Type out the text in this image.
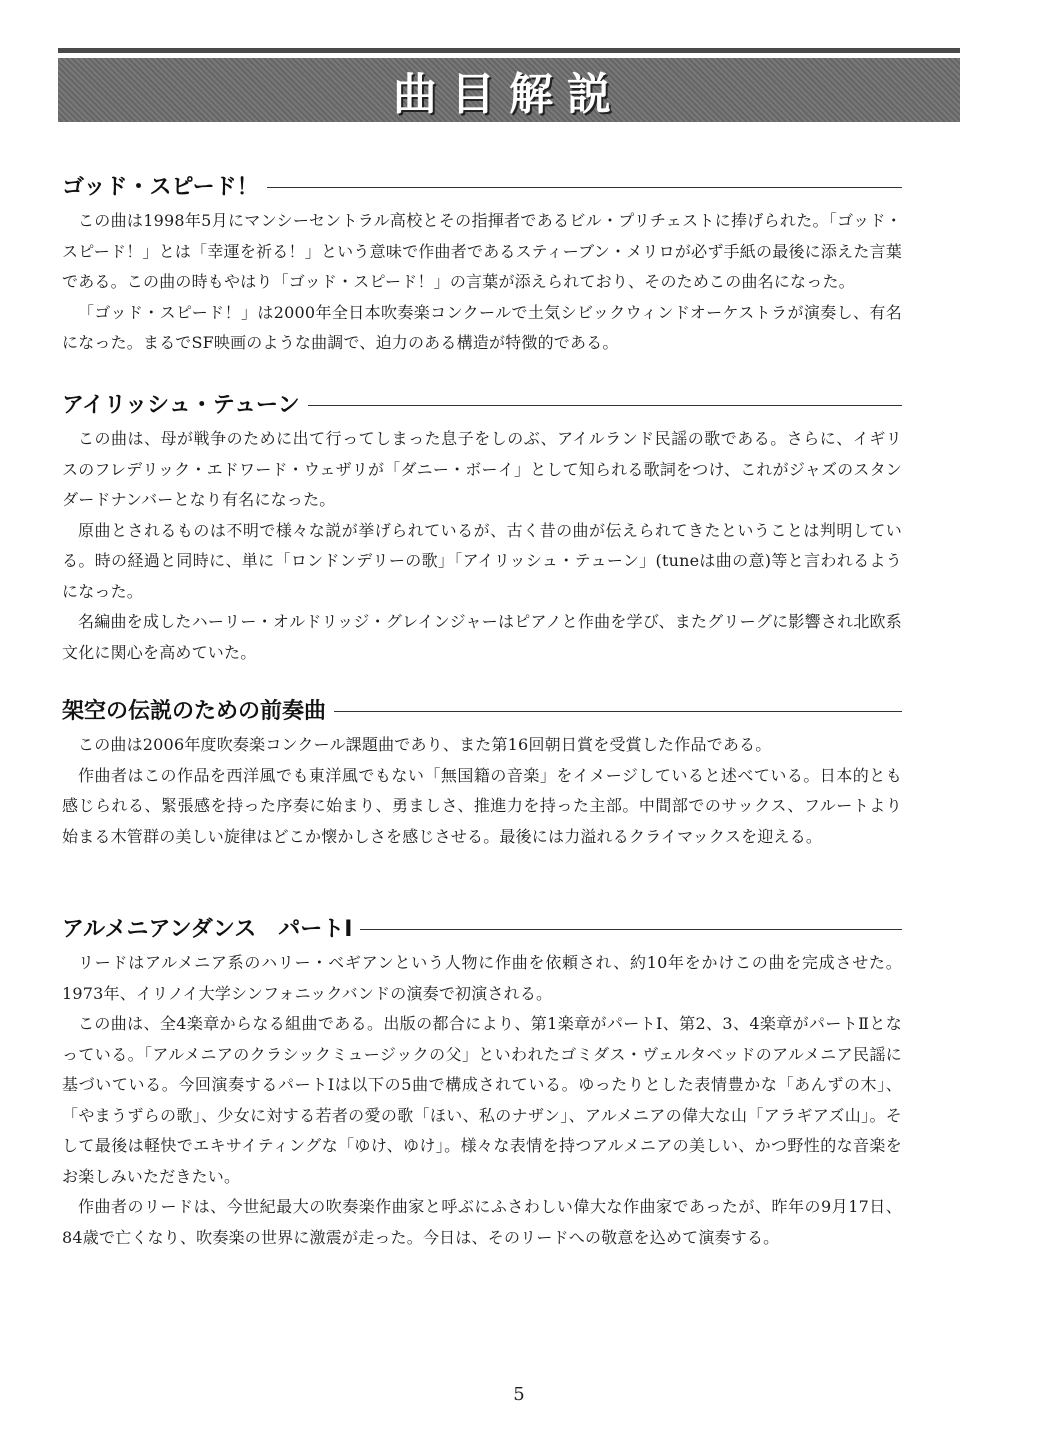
曲目解説
ゴッド・スピード！

この曲は1998年5月にマンシーセントラル高校とその指揮者であるビル・プリチェストに捧げられた。「ゴッド・スピード！」とは「幸運を祈る！」という意味で作曲者であるスティーブン・メリロが必ず手紙の最後に添えた言葉である。この曲の時もやはり「ゴッド・スピード！」の言葉が添えられており、そのためこの曲名になった。

「ゴッド・スピード！」は2000年全日本吹奏楽コンクールで土気シビックウィンドオーケストラが演奏し、有名になった。まるでSF映画のような曲調で、迫力のある構造が特徴的である。

アイリッシュ・テューン

この曲は、母が戦争のために出て行ってしまった息子をしのぶ、アイルランド民謡の歌である。さらに、イギリスのフレデリック・エドワード・ウェザリが「ダニー・ボーイ」として知られる歌詞をつけ、これがジャズのスタンダードナンバーとなり有名になった。

原曲とされるものは不明で様々な説が挙げられているが、古く昔の曲が伝えられてきたということは判明している。時の経過と同時に、単に「ロンドンデリーの歌」「アイリッシュ・テューン」(tuneは曲の意)等と言われるようになった。

名編曲を成したハーリー・オルドリッジ・グレインジャーはピアノと作曲を学び、またグリーグに影響され北欧系文化に関心を高めていた。

架空の伝説のための前奏曲

この曲は2006年度吹奏楽コンクール課題曲であり、また第16回朝日賞を受賞した作品である。

作曲者はこの作品を西洋風でも東洋風でもない「無国籍の音楽」をイメージしていると述べている。日本的とも感じられる、緊張感を持った序奏に始まり、勇ましさ、推進力を持った主部。中間部でのサックス、フルートより始まる木管群の美しい旋律はどこか懐かしさを感じさせる。最後には力溢れるクライマックスを迎える。

アルメニアンダンス　パートⅠ

リードはアルメニア系のハリー・ベギアンという人物に作曲を依頼され、約10年をかけこの曲を完成させた。1973年、イリノイ大学シンフォニックバンドの演奏で初演される。

この曲は、全4楽章からなる組曲である。出版の都合により、第1楽章がパートⅠ、第2、3、4楽章がパートⅡとなっている。「アルメニアのクラシックミュージックの父」といわれたゴミダス・ヴェルタベッドのアルメニア民謡に基づいている。今回演奏するパートⅠは以下の5曲で構成されている。ゆったりとした表情豊かな「あんずの木」、「やまうずらの歌」、少女に対する若者の愛の歌「ほい、私のナザン」、アルメニアの偉大な山「アラギアズ山」。そして最後は軽快でエキサイティングな「ゆけ、ゆけ」。様々な表情を持つアルメニアの美しい、かつ野性的な音楽をお楽しみいただきたい。

作曲者のリードは、今世紀最大の吹奏楽作曲家と呼ぶにふさわしい偉大な作曲家であったが、昨年の9月17日、84歳で亡くなり、吹奏楽の世界に激震が走った。今日は、そのリードへの敬意を込めて演奏する。

5
